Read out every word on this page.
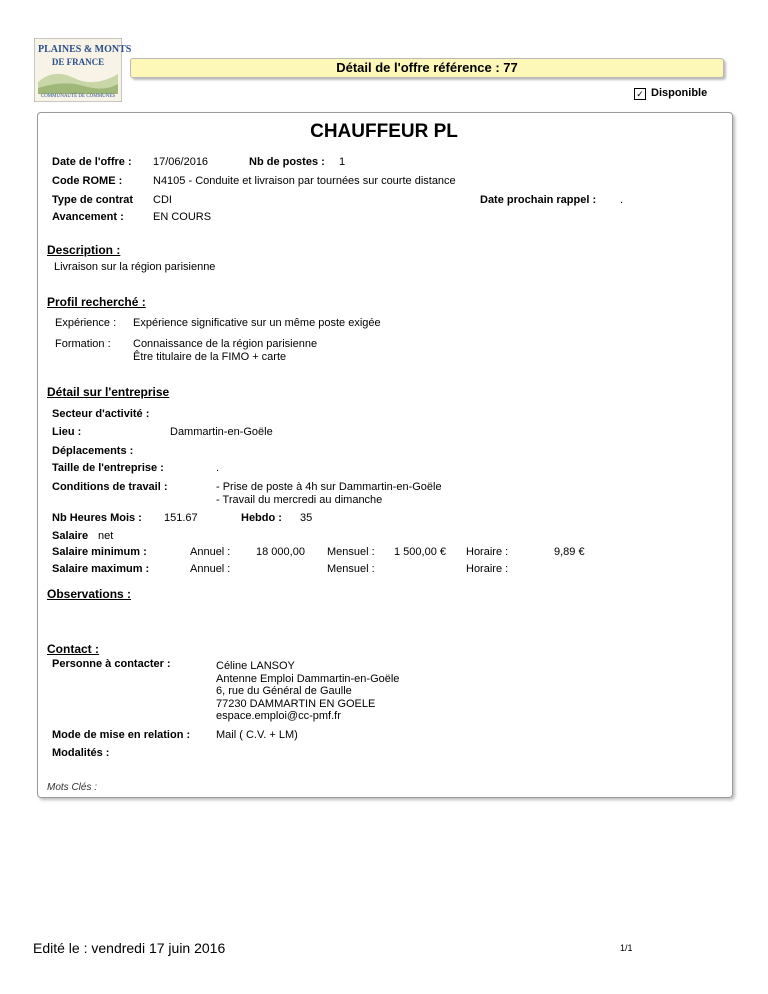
PLAINES & MONTS
DE FRANCE
COMMUNAUTÉ DE COMMUNES
Détail de l'offre référence : 77
✓ Disponible
CHAUFFEUR PL
Date de l'offre : 17/06/2016	Nb de postes : 1
Code ROME :	N4105 - Conduite et livraison par tournées sur courte distance
Type de contrat CDI	Date prochain rappel : .
Avancement :	EN COURS
Description :
Livraison sur la région parisienne
Profil recherché :
Expérience : Expérience significative sur un même poste exigée
Formation : Connaissance de la région parisienne
Être titulaire de la FIMO + carte
Détail sur l'entreprise
Secteur d'activité :
Lieu :	Dammartin-en-Goële
Déplacements :
Taille de l'entreprise :	.
Conditions de travail :	- Prise de poste à 4h sur Dammartin-en-Goële
- Travail du mercredi au dimanche
Nb Heures Mois : 151.67	Hebdo : 35
Salaire net
Salaire minimum :	Annuel : 18 000,00 Mensuel : 1 500,00 € Horaire :	9,89 €
Salaire maximum :	Annuel :	Mensuel :	Horaire :
Observations :
Contact :
Personne à contacter :	Céline LANSOY
Antenne Emploi Dammartin-en-Goële
6, rue du Général de Gaulle
77230 DAMMARTIN EN GOELE
espace.emploi@cc-pmf.fr
Mode de mise en relation : Mail ( C.V. + LM)
Modalités :
Mots Clés :
Edité le : vendredi 17 juin 2016	1/1
